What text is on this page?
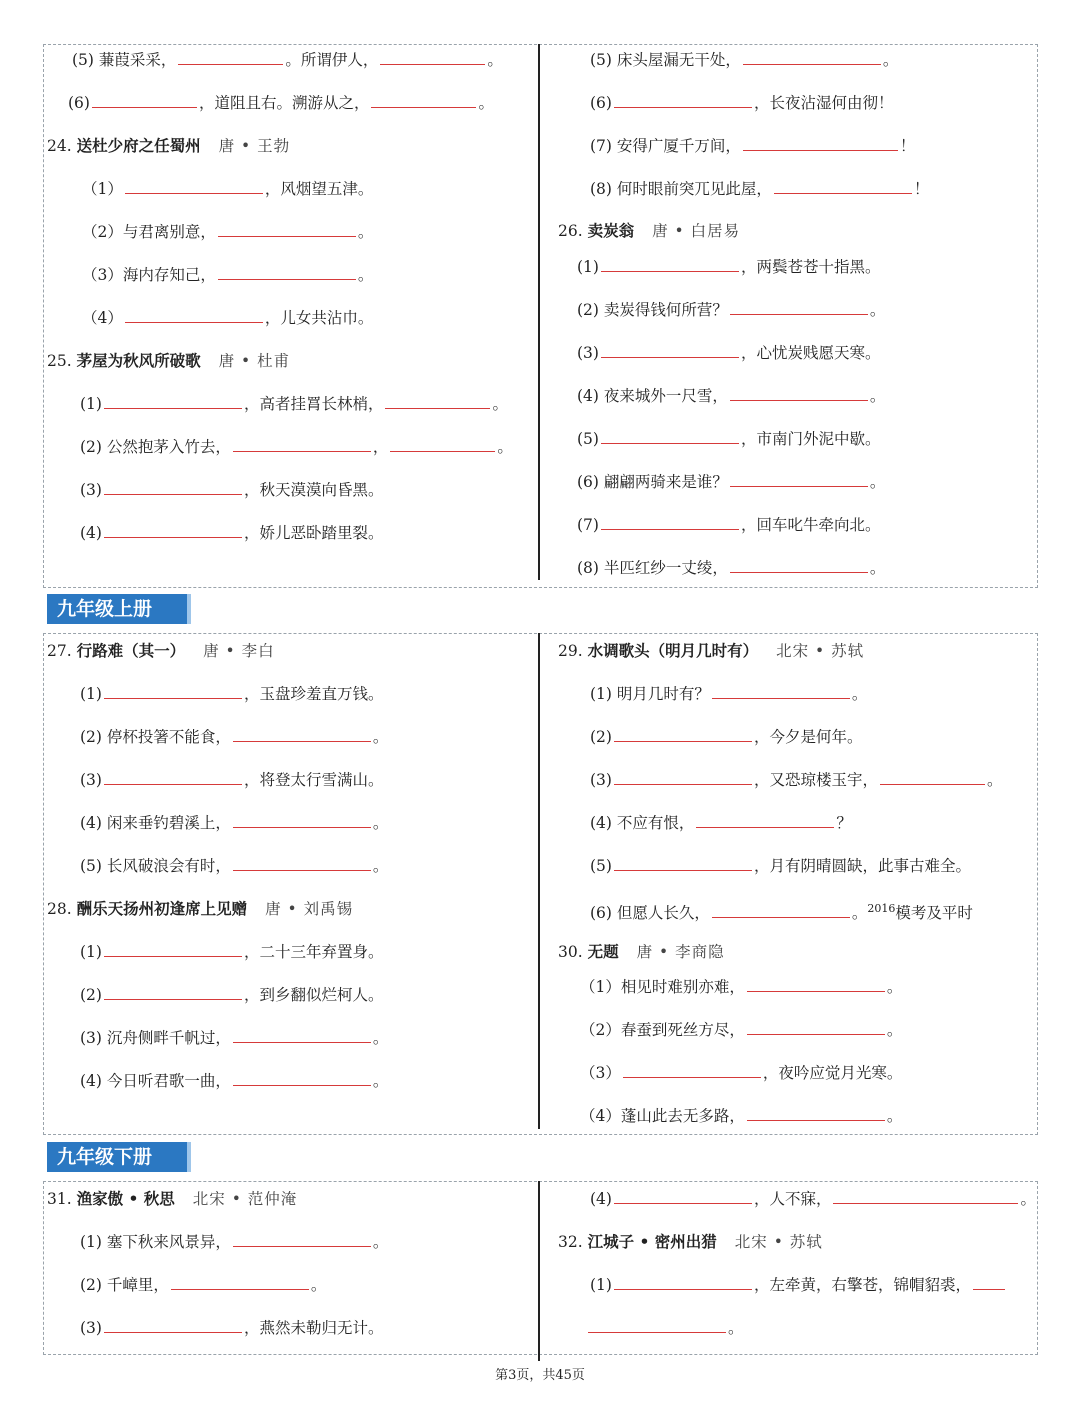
(5) 蒹葭采采，	。所谓伊人，	。
(6)	，道阻且右。溯游从之，	。
24. 送杜少府之任蜀州 唐 • 王勃
（1）	，风烟望五津。
（2）与君离别意，	。
（3）海内存知己，	。
（4）	，儿女共沾巾。
25. 茅屋为秋风所破歌 唐 • 杜甫
(1)	，高者挂罥长林梢，	。
(2) 公然抱茅入竹去，	，	。
(3)	，秋天漠漠向昏黑。
(4)	，娇儿恶卧踏里裂。
(5) 床头屋漏无干处，	。
(6)	，长夜沾湿何由彻！
(7) 安得广厦千万间，	！
(8) 何时眼前突兀见此屋，	！
26. 卖炭翁 唐 • 白居易
(1)	，两鬓苍苍十指黑。
(2) 卖炭得钱何所营？	。
(3)	，心忧炭贱愿天寒。
(4) 夜来城外一尺雪，	。
(5)	，市南门外泥中歇。
(6) 翩翩两骑来是谁？	。
(7)	，回车叱牛牵向北。
(8) 半匹红纱一丈绫，	。
九年级上册
27. 行路难（其一） 唐 • 李白
(1)	，玉盘珍羞直万钱。
(2) 停杯投箸不能食，	。
(3)	，将登太行雪满山。
(4) 闲来垂钓碧溪上，	。
(5) 长风破浪会有时，	。
28. 酬乐天扬州初逢席上见赠 唐 • 刘禹锡
(1)	，二十三年弃置身。
(2)	，到乡翻似烂柯人。
(3) 沉舟侧畔千帆过，	。
(4) 今日听君歌一曲，	。
29. 水调歌头（明月几时有） 北宋 • 苏轼
(1) 明月几时有？	。
(2)	，今夕是何年。
(3)	，又恐琼楼玉宇，	。
(4) 不应有恨，	？
(5)	，月有阴晴圆缺，此事古难全。
(6) 但愿人长久，	。$^{2016}$模考及平时
30. 无题 唐 • 李商隐
（1）相见时难别亦难，	。
（2）春蚕到死丝方尽，	。
（3）	，夜吟应觉月光寒。
（4）蓬山此去无多路，	。
九年级下册
31. 渔家傲 • 秋思 北宋 • 范仲淹
(1) 塞下秋来风景异，	。
(2) 千嶂里，	。
(3)	，燕然未勒归无计。
(4)	，人不寐，	。
32. 江城子 • 密州出猎 北宋 • 苏轼
(1)	，左牵黄，右擎苍，锦帽貂裘，
。
第3页，共45页
